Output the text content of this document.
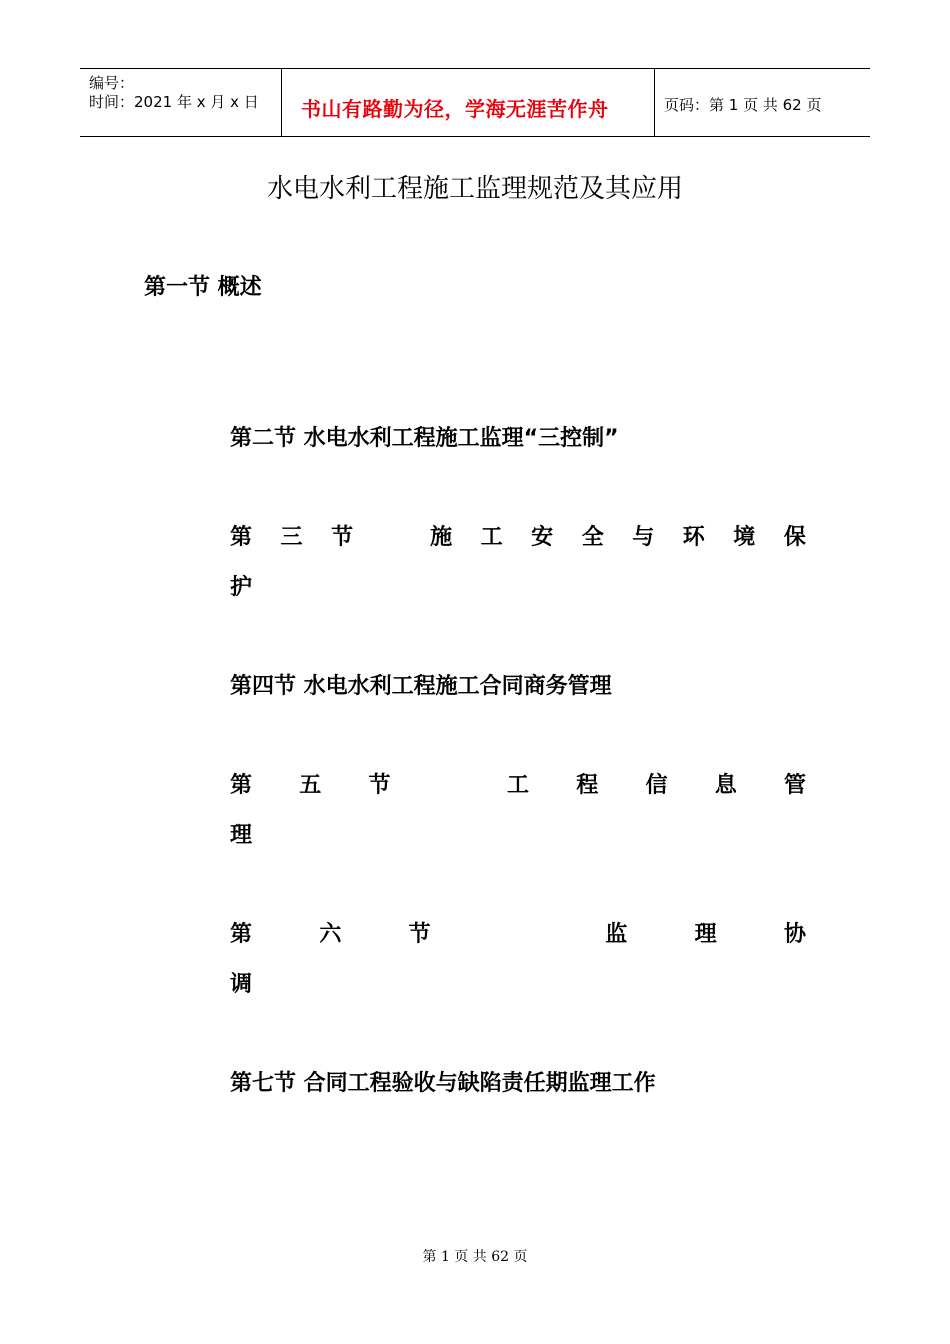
编号：
时间：2021 年 x 月 x 日 书山有路勤为径，学海无涯苦作舟	页码：第 1 页 共 62 页
水电水利工程施工监理规范及其应用
第一节 概述
第二节 水电水利工程施工监理“三控制”
第 三 节	施 工 安 全 与 环 境 保
护
第四节 水电水利工程施工合同商务管理
第 五 节	工 程 信 息 管
理
第	六	节	监	理	协
调
第七节 合同工程验收与缺陷责任期监理工作
第 1 页 共 62 页
